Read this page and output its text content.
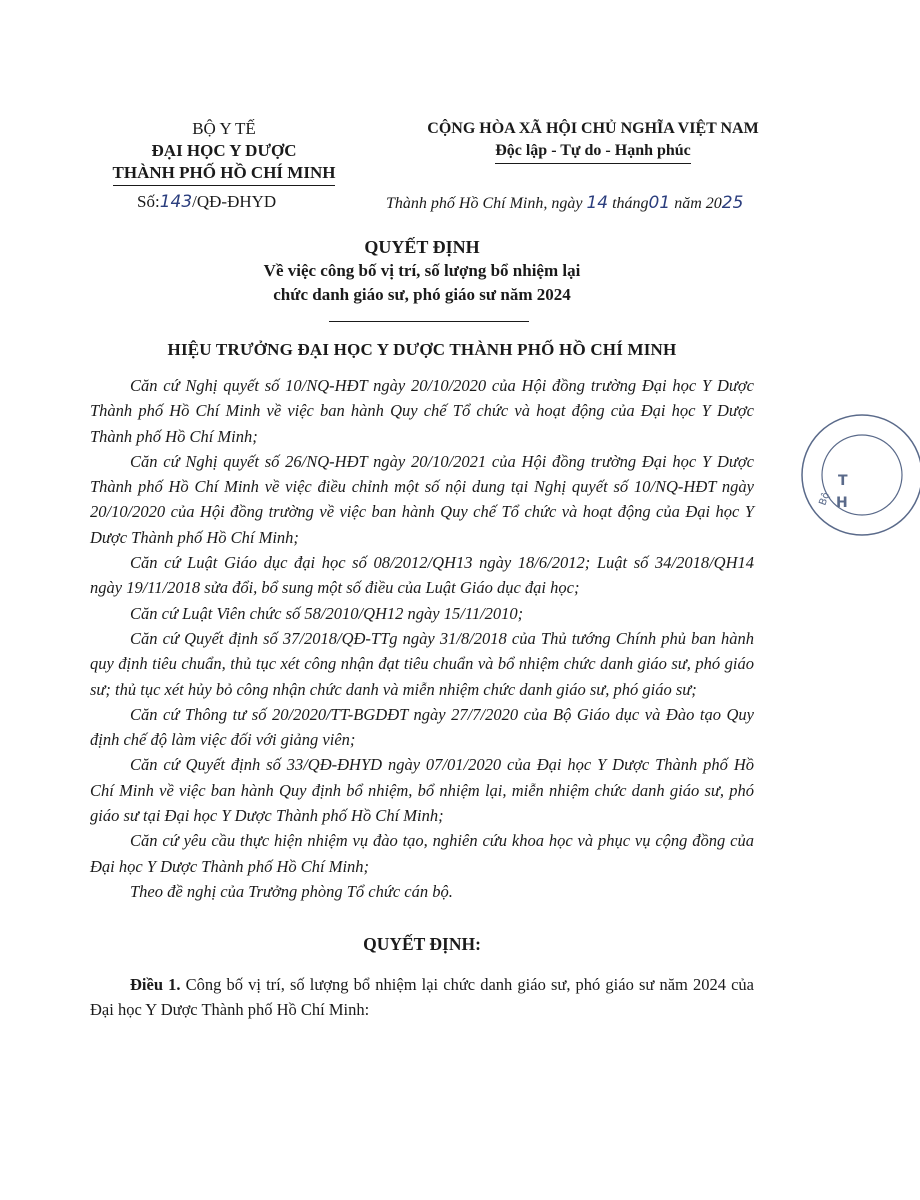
BỘ Y TẾ
ĐẠI HỌC Y DƯỢC
THÀNH PHỐ HỒ CHÍ MINH
Số:143/QĐ-ĐHYD
CỘNG HÒA XÃ HỘI CHỦ NGHĨA VIỆT NAM
Độc lập - Tự do - Hạnh phúc
Thành phố Hồ Chí Minh, ngày 14 tháng01 năm 2025
QUYẾT ĐỊNH
Về việc công bố vị trí, số lượng bổ nhiệm lại
chức danh giáo sư, phó giáo sư năm 2024
HIỆU TRƯỞNG ĐẠI HỌC Y DƯỢC THÀNH PHỐ HỒ CHÍ MINH

Căn cứ Nghị quyết số 10/NQ-HĐT ngày 20/10/2020 của Hội đồng trường Đại học Y Dược Thành phố Hồ Chí Minh về việc ban hành Quy chế Tổ chức và hoạt động của Đại học Y Dược Thành phố Hồ Chí Minh;

Căn cứ Nghị quyết số 26/NQ-HĐT ngày 20/10/2021 của Hội đồng trường Đại học Y Dược Thành phố Hồ Chí Minh về việc điều chỉnh một số nội dung tại Nghị quyết số 10/NQ-HĐT ngày 20/10/2020 của Hội đồng trường về việc ban hành Quy chế Tổ chức và hoạt động của Đại học Y Dược Thành phố Hồ Chí Minh;

Căn cứ Luật Giáo dục đại học số 08/2012/QH13 ngày 18/6/2012; Luật số 34/2018/QH14 ngày 19/11/2018 sửa đổi, bổ sung một số điều của Luật Giáo dục đại học;

Căn cứ Luật Viên chức số 58/2010/QH12 ngày 15/11/2010;

Căn cứ Quyết định số 37/2018/QĐ-TTg ngày 31/8/2018 của Thủ tướng Chính phủ ban hành quy định tiêu chuẩn, thủ tục xét công nhận đạt tiêu chuẩn và bổ nhiệm chức danh giáo sư, phó giáo sư; thủ tục xét hủy bỏ công nhận chức danh và miễn nhiệm chức danh giáo sư, phó giáo sư;

Căn cứ Thông tư số 20/2020/TT-BGDĐT ngày 27/7/2020 của Bộ Giáo dục và Đào tạo Quy định chế độ làm việc đối với giảng viên;

Căn cứ Quyết định số 33/QĐ-ĐHYD ngày 07/01/2020 của Đại học Y Dược Thành phố Hồ Chí Minh về việc ban hành Quy định bổ nhiệm, bổ nhiệm lại, miễn nhiệm chức danh giáo sư, phó giáo sư tại Đại học Y Dược Thành phố Hồ Chí Minh;

Căn cứ yêu cầu thực hiện nhiệm vụ đào tạo, nghiên cứu khoa học và phục vụ cộng đồng của Đại học Y Dược Thành phố Hồ Chí Minh;

Theo đề nghị của Trưởng phòng Tổ chức cán bộ.

QUYẾT ĐỊNH:
Điều 1. Công bố vị trí, số lượng bổ nhiệm lại chức danh giáo sư, phó giáo sư năm 2024 của Đại học Y Dược Thành phố Hồ Chí Minh:
Bộ
T
H
